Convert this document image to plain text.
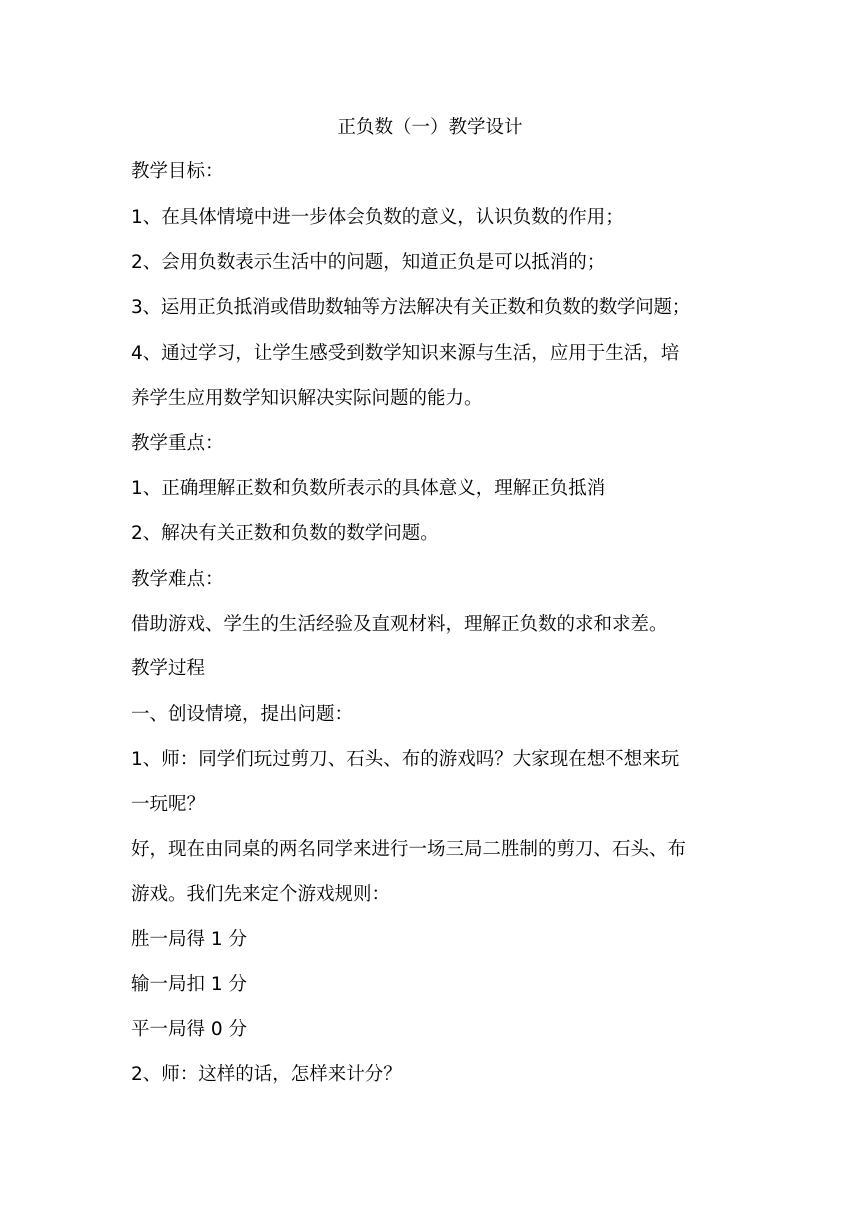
正负数（一）教学设计
教学目标：
1、在具体情境中进一步体会负数的意义，认识负数的作用；
2、会用负数表示生活中的问题，知道正负是可以抵消的；
3、运用正负抵消或借助数轴等方法解决有关正数和负数的数学问题；
4、通过学习，让学生感受到数学知识来源与生活，应用于生活，培
养学生应用数学知识解决实际问题的能力。
教学重点：
1、正确理解正数和负数所表示的具体意义，理解正负抵消
2、解决有关正数和负数的数学问题。
教学难点：
借助游戏、学生的生活经验及直观材料，理解正负数的求和求差。
教学过程
一、创设情境，提出问题：
1、师：同学们玩过剪刀、石头、布的游戏吗？大家现在想不想来玩
一玩呢？
好，现在由同桌的两名同学来进行一场三局二胜制的剪刀、石头、布
游戏。我们先来定个游戏规则：
胜一局得 1 分
输一局扣 1 分
平一局得 0 分
2、师：这样的话，怎样来计分？
